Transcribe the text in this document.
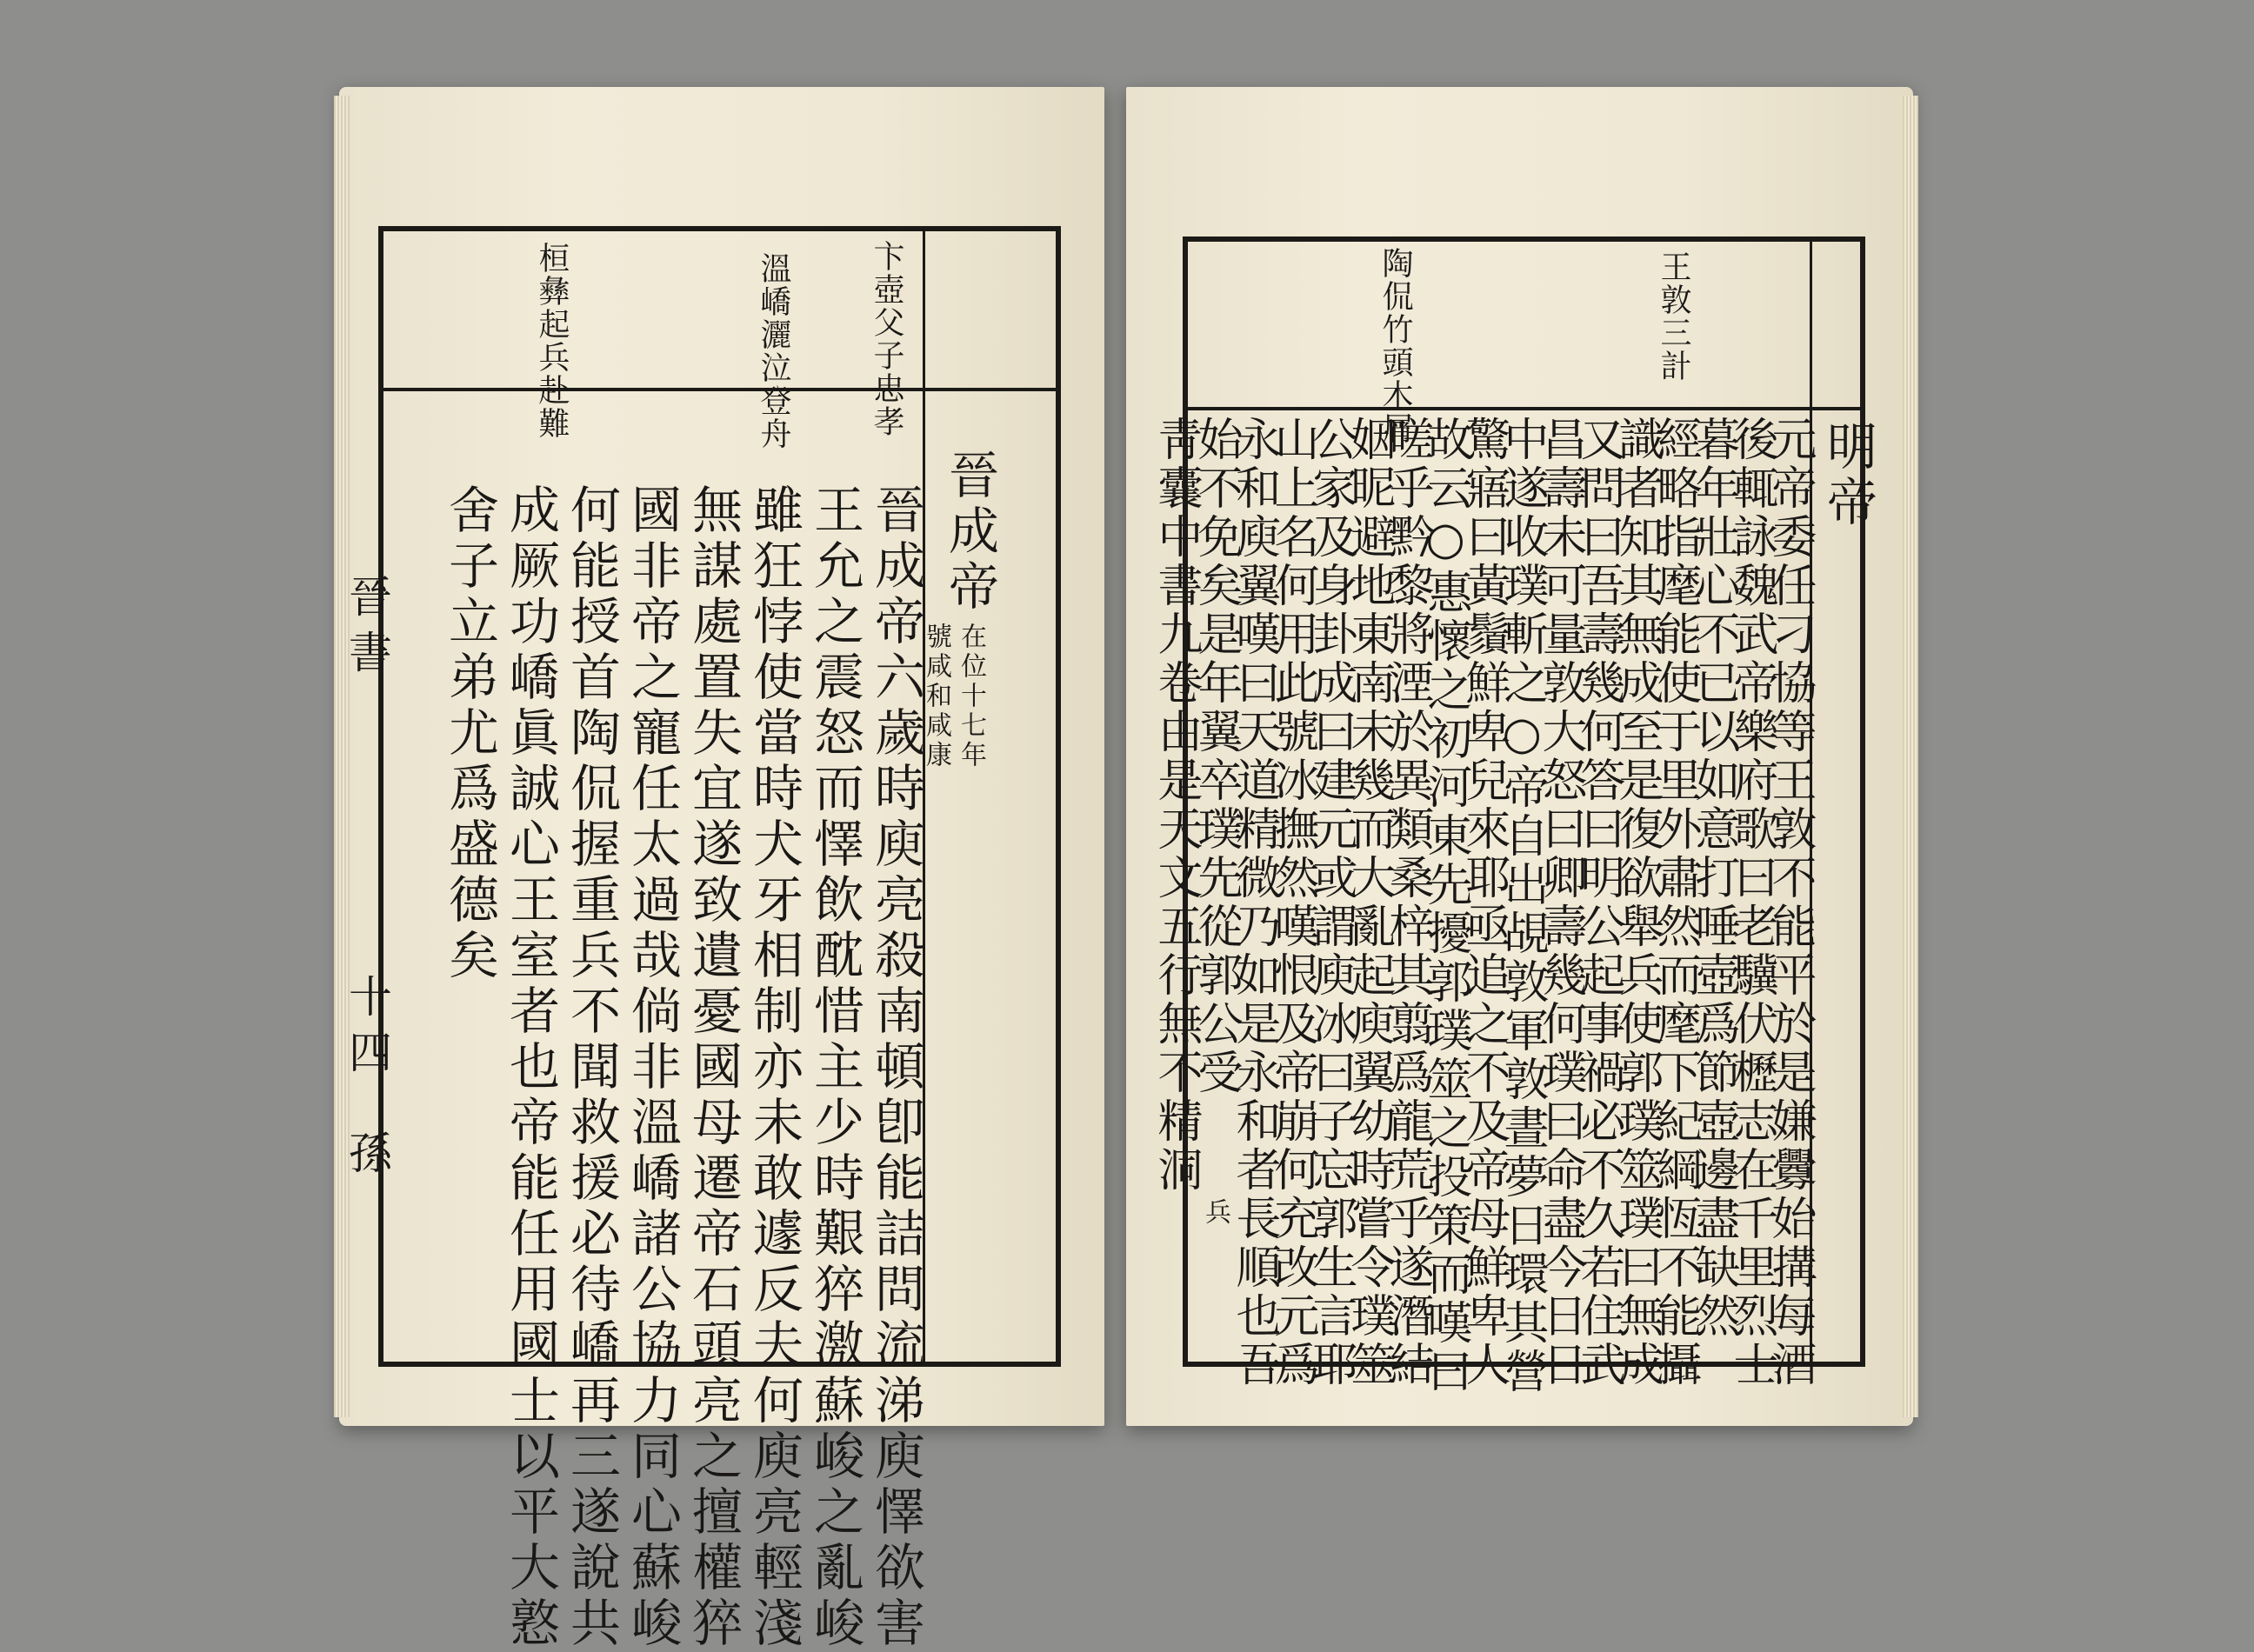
卞壺父子忠孝
溫嶠灑泣登舟
桓彝起兵赴難
晉成帝
在位十七年
號咸和咸康
晉成帝六歲時庾亮殺南頓卽能詰問流涕庾懌欲害
王允之震怒而懌飲酖惜主少時艱猝激蘇峻之亂峻
雖狂悖使當時犬牙相制亦未敢遽反夫何庾亮輕淺
無謀處置失宜遂致遺憂國母遷帝石頭亮之擅權猝
國非帝之寵任太過哉倘非溫嶠諸公協力同心蘇峻
何能授首陶侃握重兵不聞救援必待嶠再三遂說共
成厥功嶠眞誠心王室者也帝能任用國士以平大憝
舍子立弟尤爲盛德矣
晉書
十四
孫
王敦三計
陶侃竹頭木屑
明帝
元帝委任刁協等王敦不能平於是嫌釁始搆每酒
後輒詠魏武帝樂府歌曰老驥伏櫪志在千里烈士
暮年壯心不已以如意打唾壺爲節壺邊盡缺然
經略指麾能使于里外肅然而麾下紀綱恆不能攝
識者知其無成至是復欲舉兵使郭璞筮璞曰無成
又問曰吾壽幾何答曰明公起事禍必不久若住武
昌壽未可量敦大怒曰卿壽幾何璞曰命盡今日日
中遂收璞斬之○帝自出覘敦軍敦晝夢日環其營
驚寤曰黃鬚鮮卑兒來耶亟追之不及帝母鮮卑人
故云○惠懷之初河東先擾郭璞筮之投策而嘆曰
嗟乎黔黎將湮於異類桑梓其翦爲龍荒乎遂潛結
姻昵避地東南未幾而大亂起庾翼幼時嘗令璞筮
公家及身卦成曰建元或謂庾冰曰子忘郭生言耶
山上名何用此號冰撫然嘆恨及帝崩何充改元爲
永和庾翼嘆曰天道精微乃如是永和者長順也吾
始不免矣是年翼卒璞先從郭公受
兵
靑囊中書九卷由是天文五行無不精洞
